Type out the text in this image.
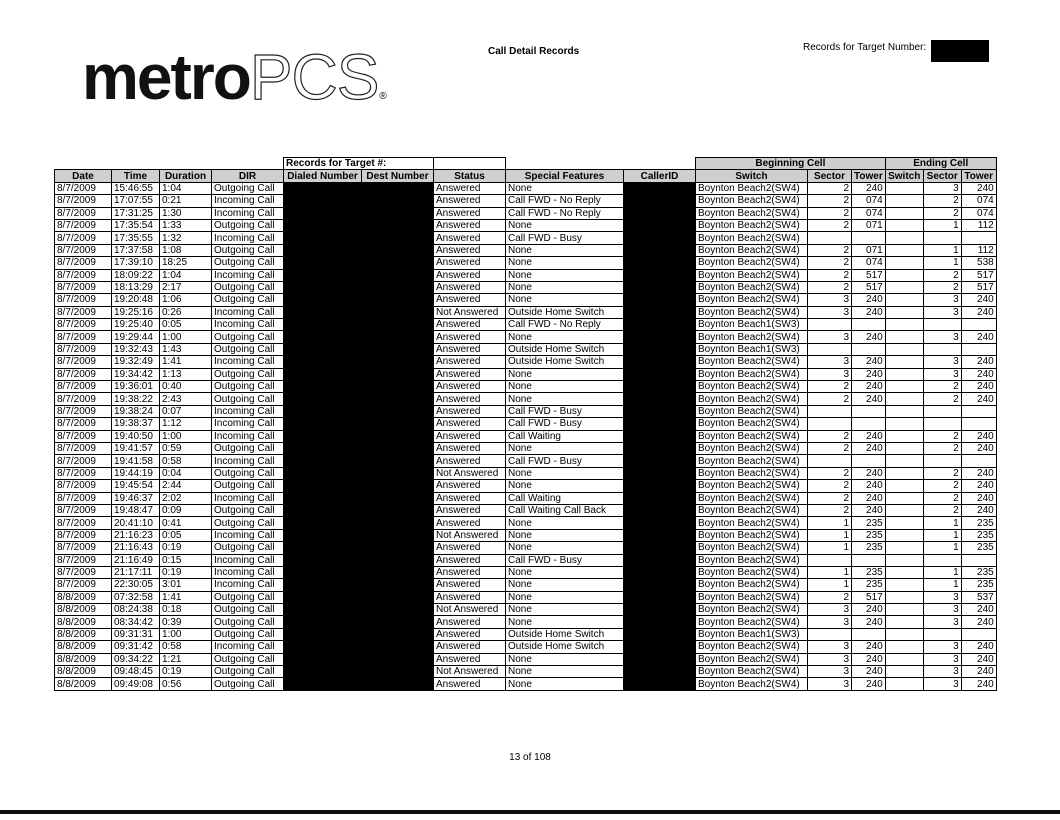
metroPCS®
Call Detail Records	Records for Target Number:
				Records for Target #:					Beginning Cell			Ending Cell		
Date	Time	Duration	DIR	Dialed Number	Dest Number	Status	Special Features	CallerID	Switch	Sector	Tower	Switch	Sector	Tower
8/7/2009	15:46:55	1:04	Outgoing Call			Answered	None		Boynton Beach2(SW4)	2	240		3	240
8/7/2009	17:07:55	0:21	Incoming Call			Answered	Call FWD - No Reply		Boynton Beach2(SW4)	2	074		2	074
8/7/2009	17:31:25	1:30	Incoming Call			Answered	Call FWD - No Reply		Boynton Beach2(SW4)	2	074		2	074
8/7/2009	17:35:54	1:33	Outgoing Call			Answered	None		Boynton Beach2(SW4)	2	071		1	112
8/7/2009	17:35:55	1:32	Incoming Call			Answered	Call FWD - Busy		Boynton Beach2(SW4)					
8/7/2009	17:37:58	1:08	Outgoing Call			Answered	None		Boynton Beach2(SW4)	2	071		1	112
8/7/2009	17:39:10	18:25	Outgoing Call			Answered	None		Boynton Beach2(SW4)	2	074		1	538
8/7/2009	18:09:22	1:04	Incoming Call			Answered	None		Boynton Beach2(SW4)	2	517		2	517
8/7/2009	18:13:29	2:17	Outgoing Call			Answered	None		Boynton Beach2(SW4)	2	517		2	517
8/7/2009	19:20:48	1:06	Outgoing Call			Answered	None		Boynton Beach2(SW4)	3	240		3	240
8/7/2009	19:25:16	0:26	Incoming Call			Not Answered	Outside Home Switch		Boynton Beach2(SW4)	3	240		3	240
8/7/2009	19:25:40	0:05	Incoming Call			Answered	Call FWD - No Reply		Boynton Beach1(SW3)					
8/7/2009	19:29:44	1:00	Outgoing Call			Answered	None		Boynton Beach2(SW4)	3	240		3	240
8/7/2009	19:32:43	1:43	Outgoing Call			Answered	Outside Home Switch		Boynton Beach1(SW3)					
8/7/2009	19:32:49	1:41	Incoming Call			Answered	Outside Home Switch		Boynton Beach2(SW4)	3	240		3	240
8/7/2009	19:34:42	1:13	Outgoing Call			Answered	None		Boynton Beach2(SW4)	3	240		3	240
8/7/2009	19:36:01	0:40	Outgoing Call			Answered	None		Boynton Beach2(SW4)	2	240		2	240
8/7/2009	19:38:22	2:43	Outgoing Call			Answered	None		Boynton Beach2(SW4)	2	240		2	240
8/7/2009	19:38:24	0:07	Incoming Call			Answered	Call FWD - Busy		Boynton Beach2(SW4)					
8/7/2009	19:38:37	1:12	Incoming Call			Answered	Call FWD - Busy		Boynton Beach2(SW4)					
8/7/2009	19:40:50	1:00	Incoming Call			Answered	Call Waiting		Boynton Beach2(SW4)	2	240		2	240
8/7/2009	19:41:57	0:59	Outgoing Call			Answered	None		Boynton Beach2(SW4)	2	240		2	240
8/7/2009	19:41:58	0:58	Incoming Call			Answered	Call FWD - Busy		Boynton Beach2(SW4)					
8/7/2009	19:44:19	0:04	Outgoing Call			Not Answered	None		Boynton Beach2(SW4)	2	240		2	240
8/7/2009	19:45:54	2:44	Outgoing Call			Answered	None		Boynton Beach2(SW4)	2	240		2	240
8/7/2009	19:46:37	2:02	Incoming Call			Answered	Call Waiting		Boynton Beach2(SW4)	2	240		2	240
8/7/2009	19:48:47	0:09	Outgoing Call			Answered	Call Waiting Call Back		Boynton Beach2(SW4)	2	240		2	240
8/7/2009	20:41:10	0:41	Outgoing Call			Answered	None		Boynton Beach2(SW4)	1	235		1	235
8/7/2009	21:16:23	0:05	Incoming Call			Not Answered	None		Boynton Beach2(SW4)	1	235		1	235
8/7/2009	21:16:43	0:19	Outgoing Call			Answered	None		Boynton Beach2(SW4)	1	235		1	235
8/7/2009	21:16:49	0:15	Incoming Call			Answered	Call FWD - Busy		Boynton Beach2(SW4)					
8/7/2009	21:17:11	0:19	Incoming Call			Answered	None		Boynton Beach2(SW4)	1	235		1	235
8/7/2009	22:30:05	3:01	Incoming Call			Answered	None		Boynton Beach2(SW4)	1	235		1	235
8/8/2009	07:32:58	1:41	Outgoing Call			Answered	None		Boynton Beach2(SW4)	2	517		3	537
8/8/2009	08:24:38	0:18	Outgoing Call			Not Answered	None		Boynton Beach2(SW4)	3	240		3	240
8/8/2009	08:34:42	0:39	Outgoing Call			Answered	None		Boynton Beach2(SW4)	3	240		3	240
8/8/2009	09:31:31	1:00	Outgoing Call			Answered	Outside Home Switch		Boynton Beach1(SW3)					
8/8/2009	09:31:42	0:58	Incoming Call			Answered	Outside Home Switch		Boynton Beach2(SW4)	3	240		3	240
8/8/2009	09:34:22	1:21	Outgoing Call			Answered	None		Boynton Beach2(SW4)	3	240		3	240
8/8/2009	09:48:45	0:19	Outgoing Call			Not Answered	None		Boynton Beach2(SW4)	3	240		3	240
8/8/2009	09:49:08	0:56	Outgoing Call			Answered	None		Boynton Beach2(SW4)	3	240		3	240
13 of 108
